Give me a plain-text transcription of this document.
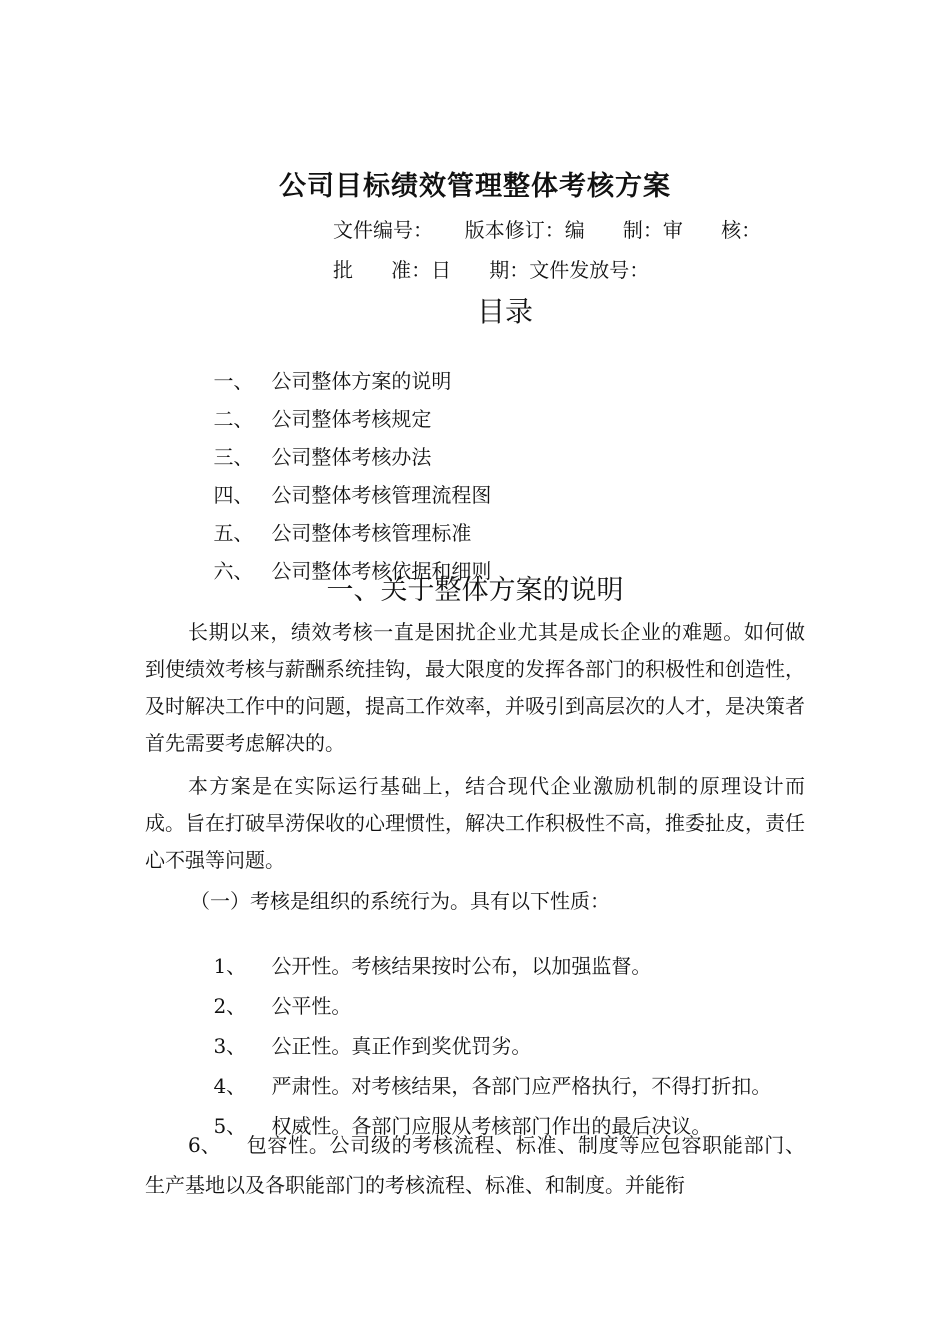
公司目标绩效管理整体考核方案
文件编号：     版本修订：编      制：审      核：
批      准：日      期：文件发放号：
目录

一、 公司整体方案的说明

二、 公司整体考核规定

三、 公司整体考核办法

四、 公司整体考核管理流程图

五、 公司整体考核管理标准

六、 公司整体考核依据和细则

一、关于整体方案的说明
长期以来，绩效考核一直是困扰企业尤其是成长企业的难题。如何做到使绩效考核与薪酬系统挂钩，最大限度的发挥各部门的积极性和创造性，及时解决工作中的问题，提高工作效率，并吸引到高层次的人才，是决策者首先需要考虑解决的。
本方案是在实际运行基础上，结合现代企业激励机制的原理设计而成。旨在打破旱涝保收的心理惯性，解决工作积极性不高，推委扯皮，责任心不强等问题。
（一）考核是组织的系统行为。具有以下性质：

1、 公开性。考核结果按时公布，以加强监督。

2、 公平性。

3、 公正性。真正作到奖优罚劣。

4、 严肃性。对考核结果，各部门应严格执行，不得打折扣。

5、 权威性。各部门应服从考核部门作出的最后决议。

6、 包容性。公司级的考核流程、标准、制度等应包容职能部门、生产基地以及各职能部门的考核流程、标准、和制度。并能衔
